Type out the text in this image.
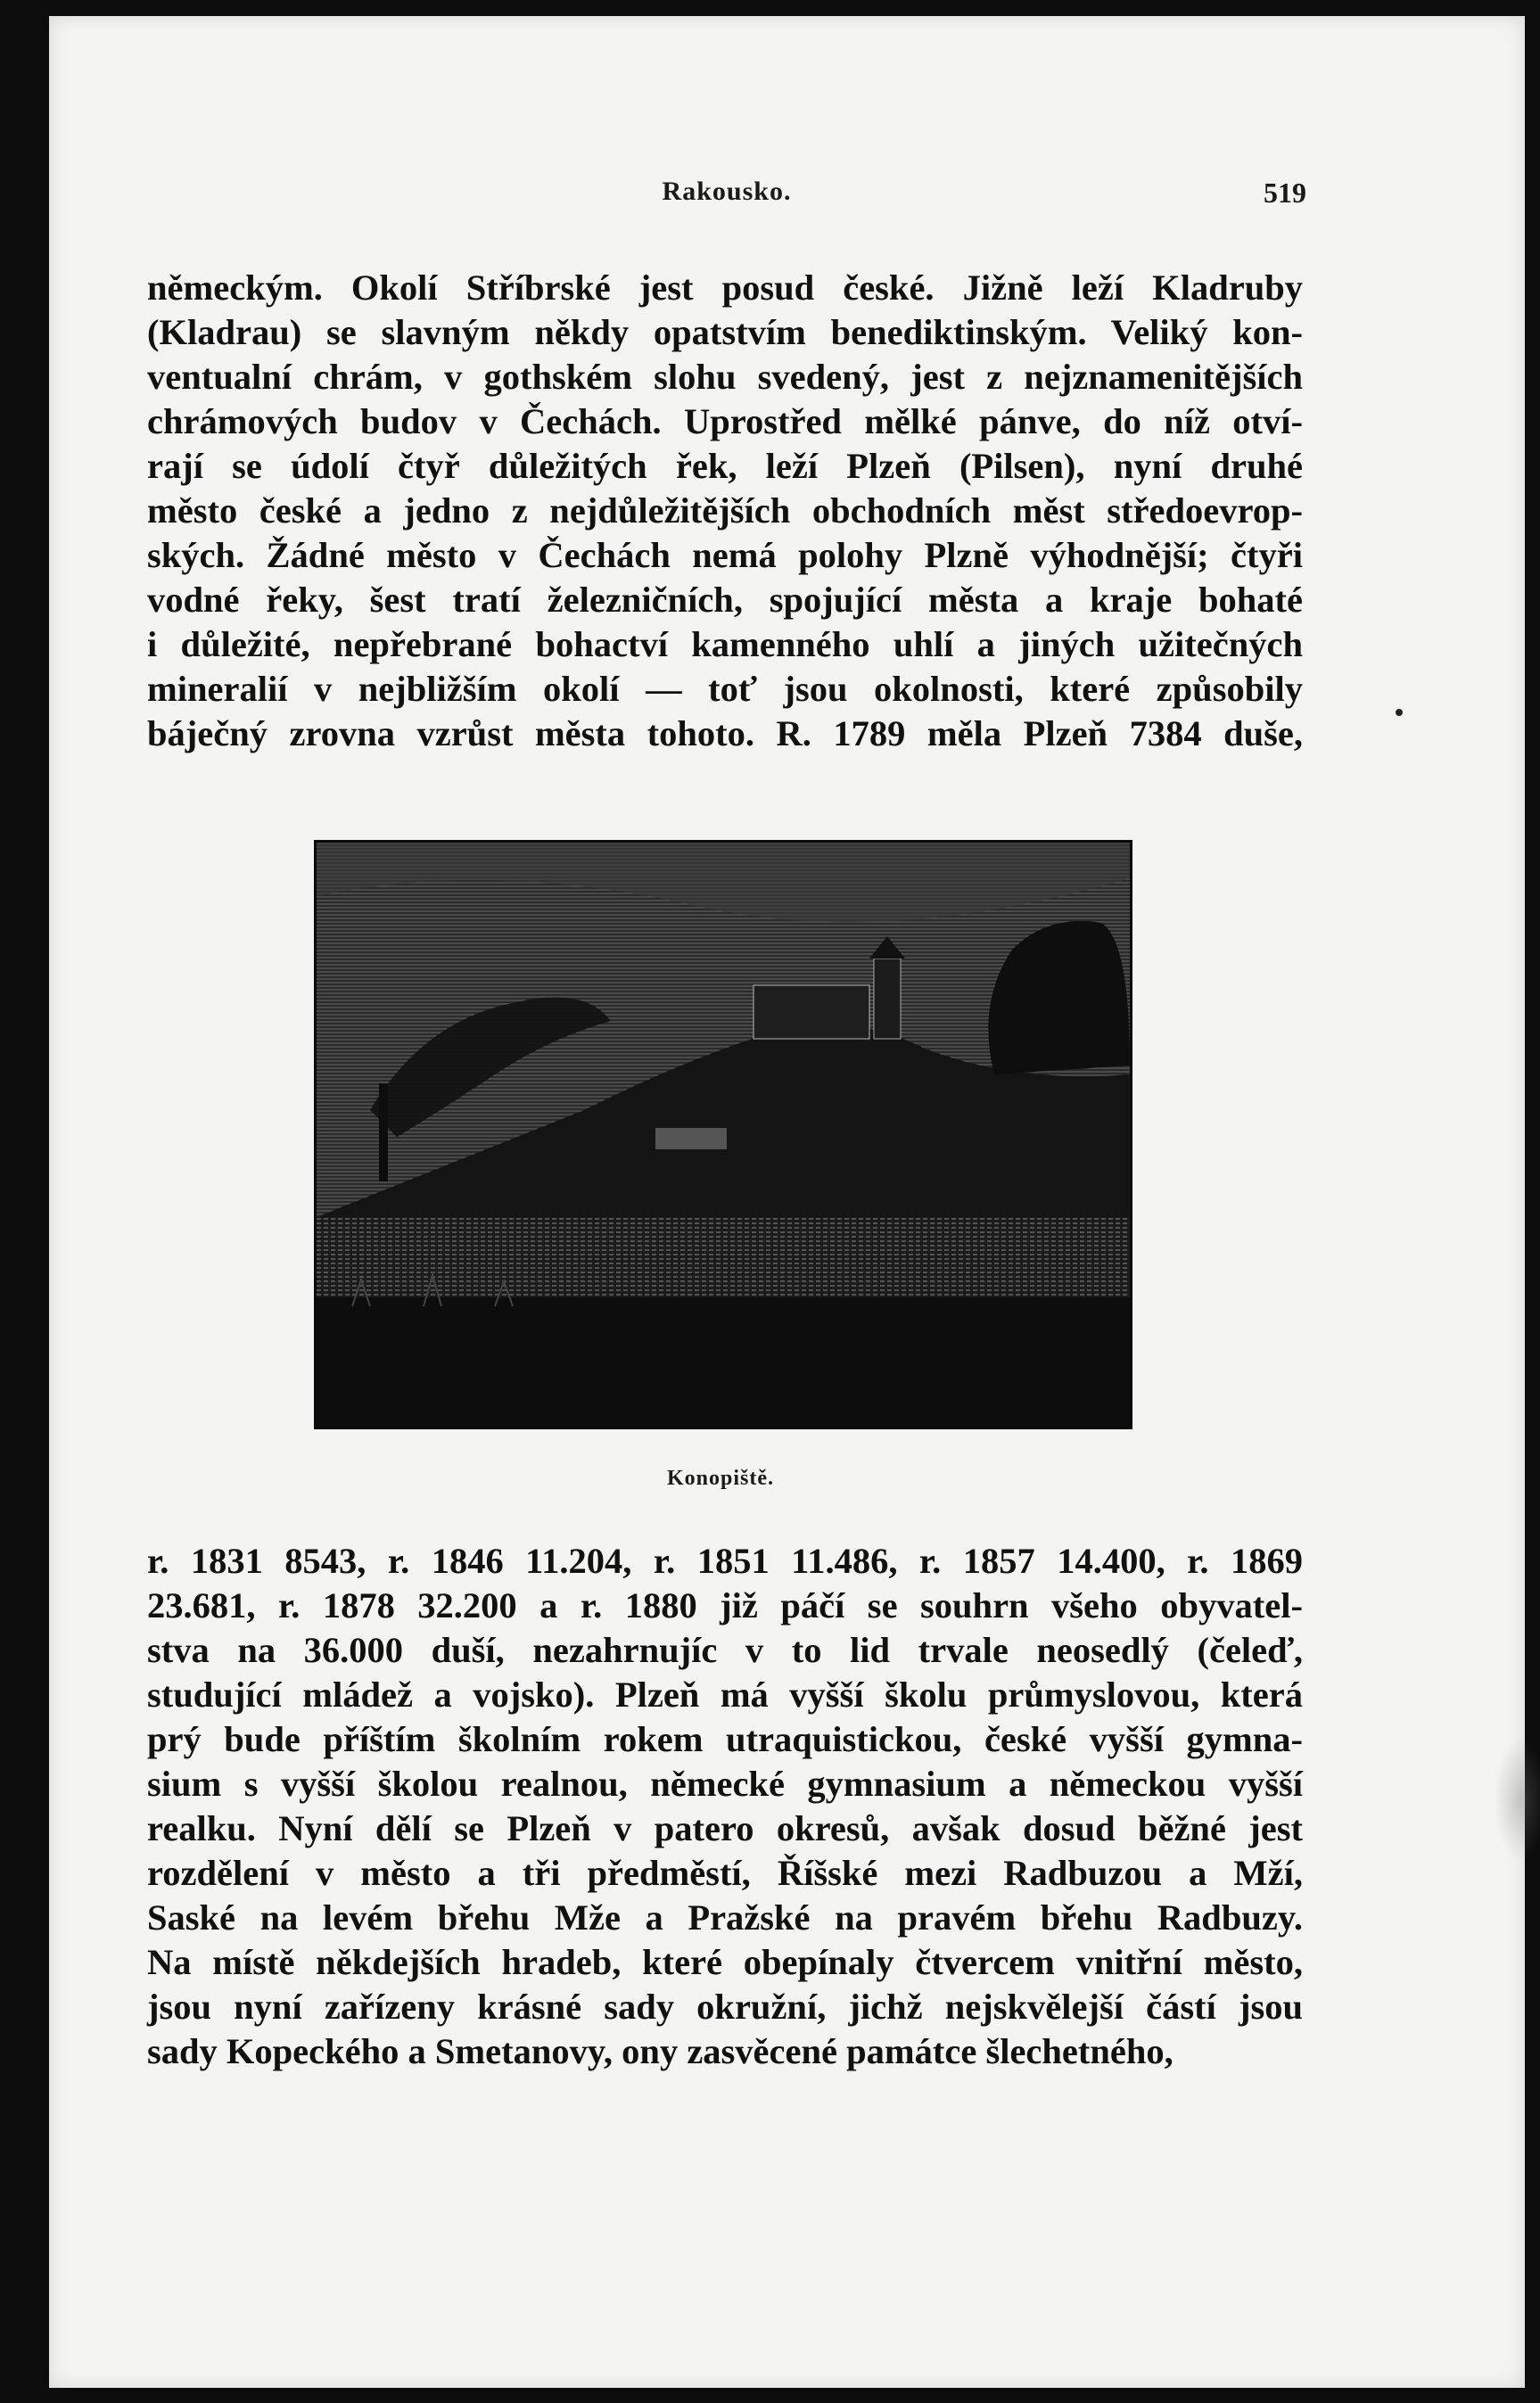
Rakousko.	519
německým. Okolí Stříbrské jest posud české. Jižně leží Kladruby
(Kladrau) se slavným někdy opatstvím benediktinským. Veliký kon-
ventualní chrám, v gothském slohu svedený, jest z nejznamenitějších
chrámových budov v Čechách. Uprostřed mělké pánve, do níž otví-
rají se údolí čtyř důležitých řek, leží Plzeň (Pilsen), nyní druhé
město české a jedno z nejdůležitějších obchodních měst středoevrop-
ských. Žádné město v Čechách nemá polohy Plzně výhodnější; čtyři
vodné řeky, šest tratí železničních, spojující města a kraje bohaté
i důležité, nepřebrané bohactví kamenného uhlí a jiných užitečných
mineralií v nejbližším okolí — toť jsou okolnosti, které způsobily
báječný zrovna vzrůst města tohoto. R. 1789 měla Plzeň 7384 duše,
Konopiště.
r. 1831 8543, r. 1846 11.204, r. 1851 11.486, r. 1857 14.400, r. 1869
23.681, r. 1878 32.200 a r. 1880 již páčí se souhrn všeho obyvatel-
stva na 36.000 duší, nezahrnujíc v to lid trvale neosedlý (čeleď,
studující mládež a vojsko). Plzeň má vyšší školu průmyslovou, která
prý bude příštím školním rokem utraquistickou, české vyšší gymna-
sium s vyšší školou realnou, německé gymnasium a německou vyšší
realku. Nyní dělí se Plzeň v patero okresů, avšak dosud běžné jest
rozdělení v město a tři předměstí, Říšské mezi Radbuzou a Mží,
Saské na levém břehu Mže a Pražské na pravém břehu Radbuzy.
Na místě někdejších hradeb, které obepínaly čtvercem vnitřní město,
jsou nyní zařízeny krásné sady okružní, jichž nejskvělejší částí jsou
sady Kopeckého a Smetanovy, ony zasvěcené památce šlechetného,
